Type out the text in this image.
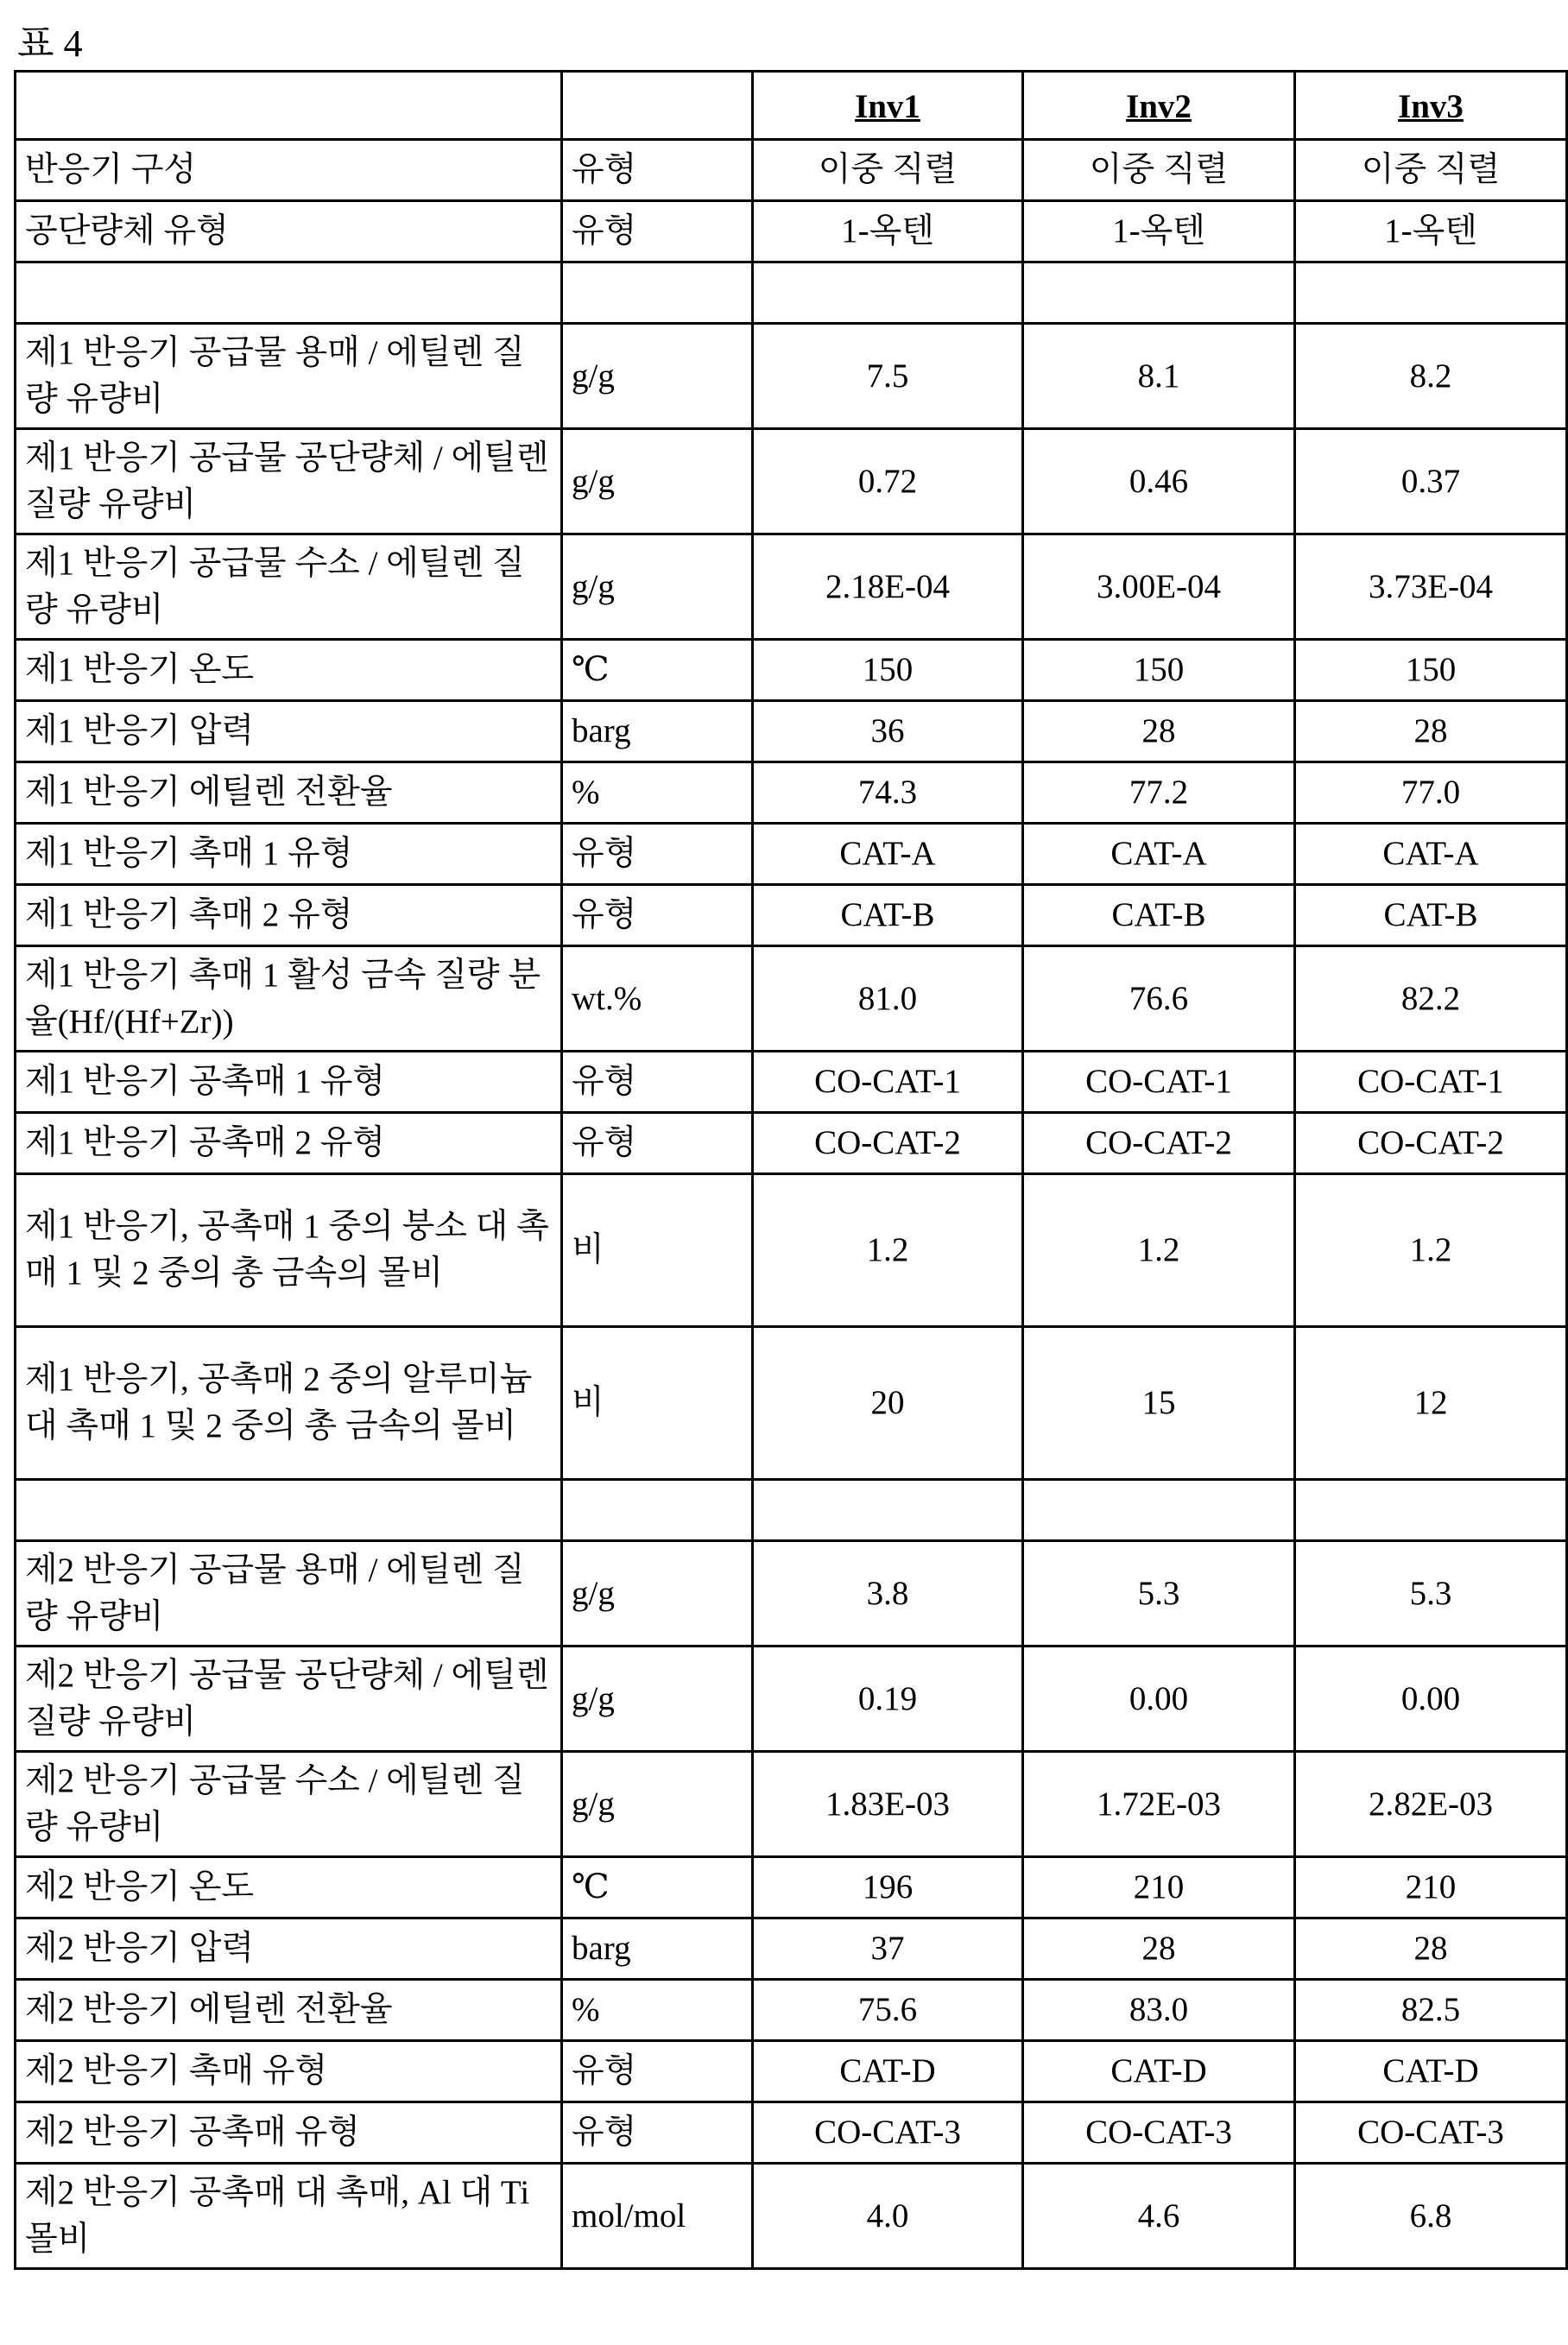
표 4
		Inv1	Inv2	Inv3
반응기 구성	유형	이중 직렬	이중 직렬	이중 직렬
공단량체 유형	유형	1-옥텐	1-옥텐	1-옥텐

제1 반응기 공급물 용매 / 에틸렌 질량 유량비	g/g	7.5	8.1	8.2
제1 반응기 공급물 공단량체 / 에틸렌 질량 유량비	g/g	0.72	0.46	0.37
제1 반응기 공급물 수소 / 에틸렌 질량 유량비	g/g	2.18E-04	3.00E-04	3.73E-04
제1 반응기 온도	℃	150	150	150
제1 반응기 압력	barg	36	28	28
제1 반응기 에틸렌 전환율	%	74.3	77.2	77.0
제1 반응기 촉매 1 유형	유형	CAT-A	CAT-A	CAT-A
제1 반응기 촉매 2 유형	유형	CAT-B	CAT-B	CAT-B
제1 반응기 촉매 1 활성 금속 질량 분율(Hf/(Hf+Zr))	wt.%	81.0	76.6	82.2
제1 반응기 공촉매 1 유형	유형	CO-CAT-1	CO-CAT-1	CO-CAT-1
제1 반응기 공촉매 2 유형	유형	CO-CAT-2	CO-CAT-2	CO-CAT-2
제1 반응기, 공촉매 1 중의 붕소 대 촉매 1 및 2 중의 총 금속의 몰비	비	1.2	1.2	1.2
제1 반응기, 공촉매 2 중의 알루미늄 대 촉매 1 및 2 중의 총 금속의 몰비	비	20	15	12

제2 반응기 공급물 용매 / 에틸렌 질량 유량비	g/g	3.8	5.3	5.3
제2 반응기 공급물 공단량체 / 에틸렌 질량 유량비	g/g	0.19	0.00	0.00
제2 반응기 공급물 수소 / 에틸렌 질량 유량비	g/g	1.83E-03	1.72E-03	2.82E-03
제2 반응기 온도	℃	196	210	210
제2 반응기 압력	barg	37	28	28
제2 반응기 에틸렌 전환율	%	75.6	83.0	82.5
제2 반응기 촉매 유형	유형	CAT-D	CAT-D	CAT-D
제2 반응기 공촉매 유형	유형	CO-CAT-3	CO-CAT-3	CO-CAT-3
제2 반응기 공촉매 대 촉매, Al 대 Ti 몰비	mol/mol	4.0	4.6	6.8
